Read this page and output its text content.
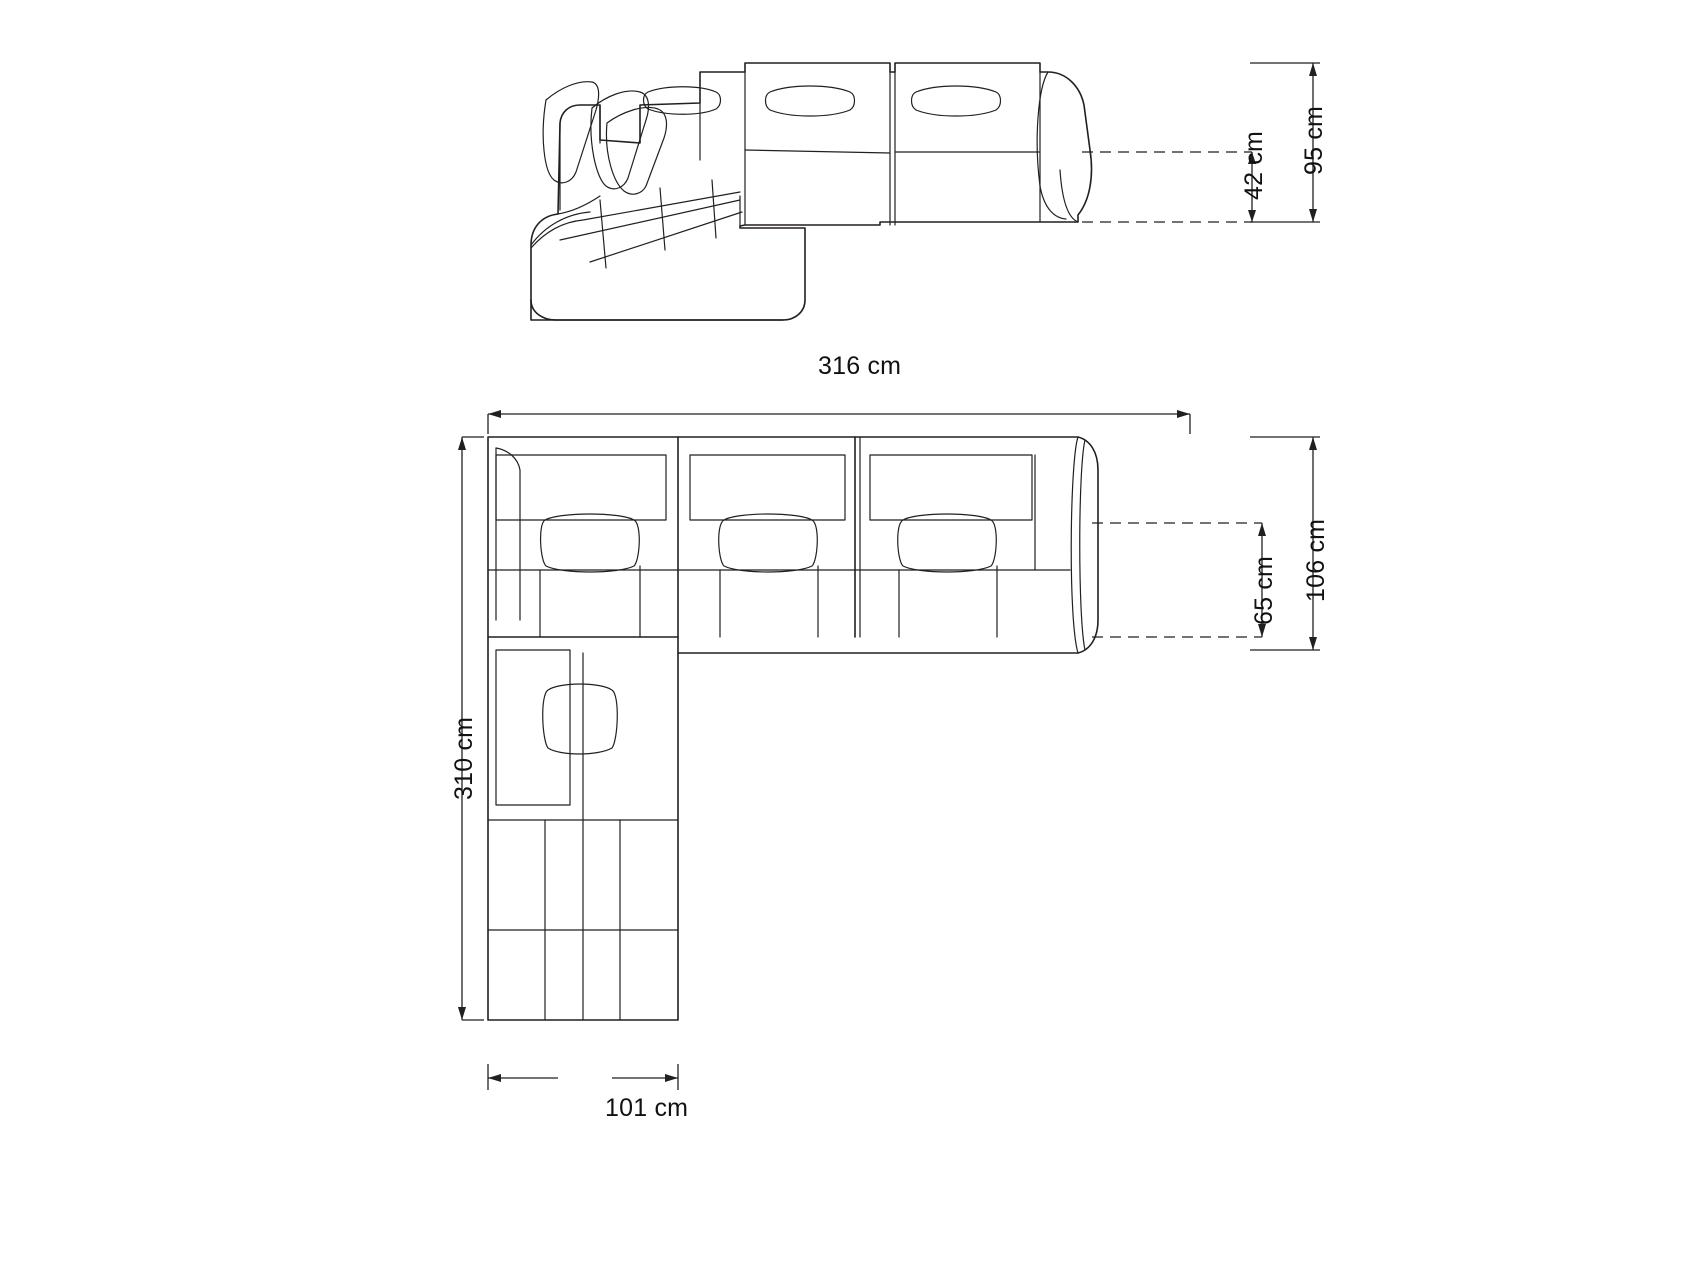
42 cm 95 cm
316 cm
65 cm 106 cm
310 cm
101 cm
